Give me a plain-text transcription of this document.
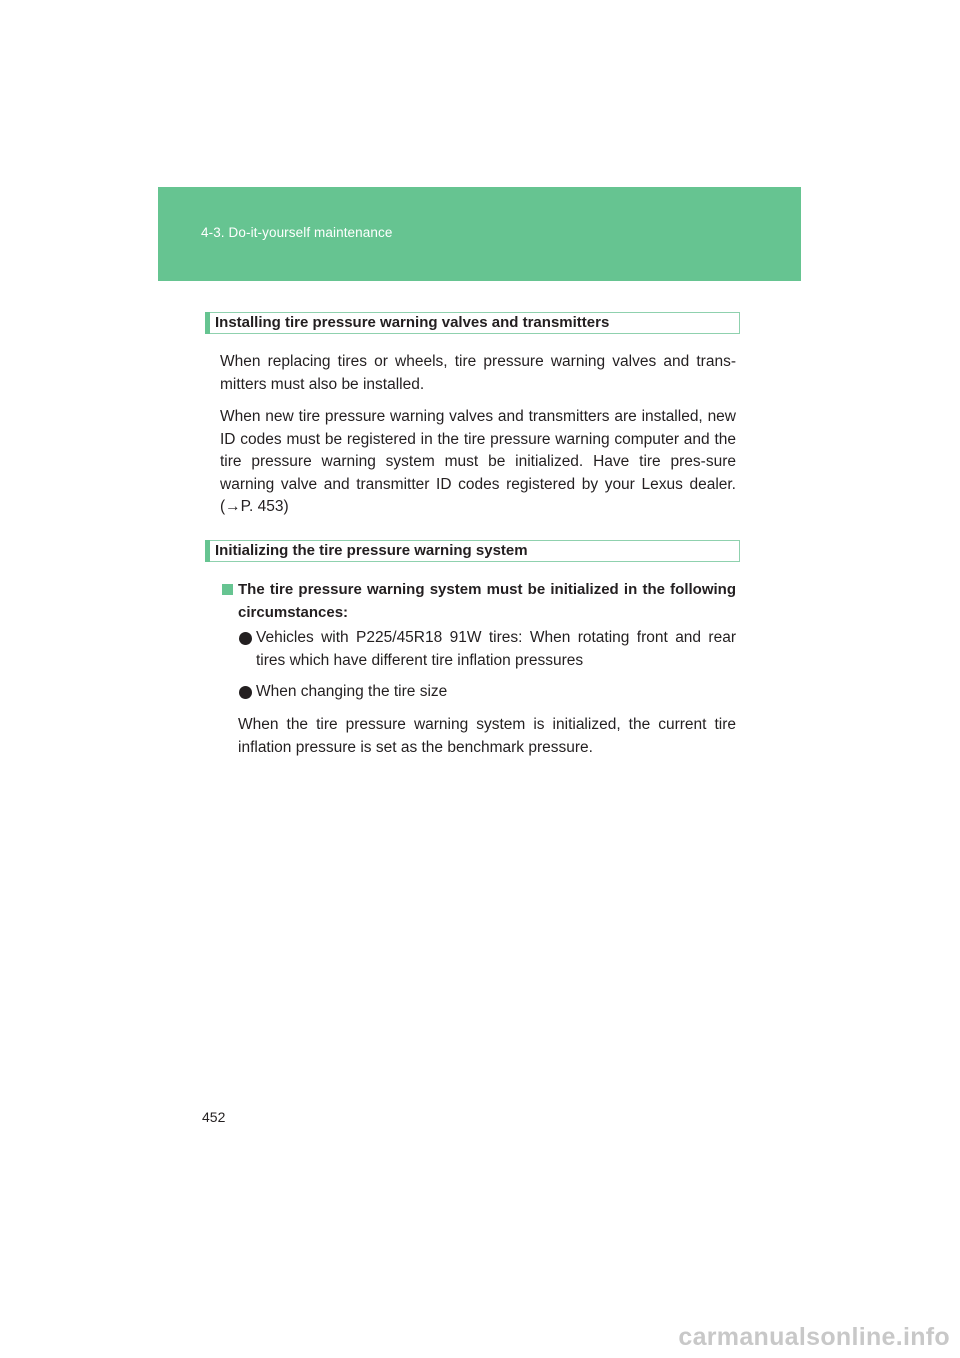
4-3. Do-it-yourself maintenance
Installing tire pressure warning valves and transmitters

When replacing tires or wheels, tire pressure warning valves and trans-mitters must also be installed.

When new tire pressure warning valves and transmitters are installed, new ID codes must be registered in the tire pressure warning computer and the tire pressure warning system must be initialized. Have tire pres-sure warning valve and transmitter ID codes registered by your Lexus dealer. (→P. 453)

Initializing the tire pressure warning system

The tire pressure warning system must be initialized in the following circumstances:

Vehicles with P225/45R18 91W tires: When rotating front and rear tires which have different tire inflation pressures

When changing the tire size

When the tire pressure warning system is initialized, the current tire inflation pressure is set as the benchmark pressure.

452
carmanualsonline.info
